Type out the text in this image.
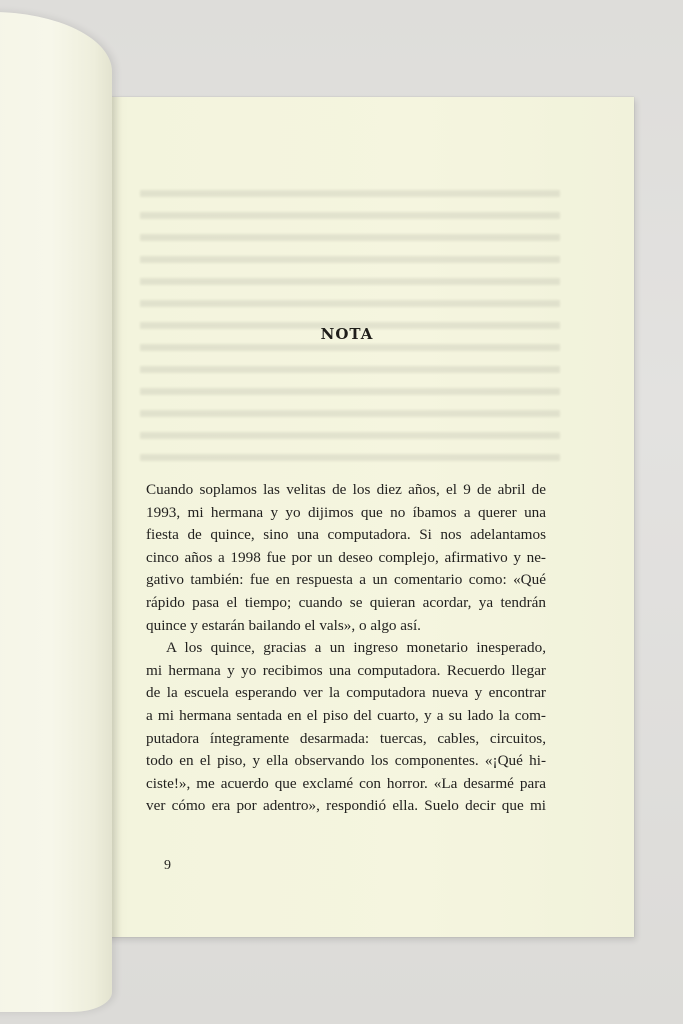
NOTA
Cuando soplamos las velitas de los diez años, el 9 de abril de
1993, mi hermana y yo dijimos que no íbamos a querer una
fiesta de quince, sino una computadora. Si nos adelantamos
cinco años a 1998 fue por un deseo complejo, afirmativo y ne-
gativo también: fue en respuesta a un comentario como: «Qué
rápido pasa el tiempo; cuando se quieran acordar, ya tendrán
quince y estarán bailando el vals», o algo así.
A los quince, gracias a un ingreso monetario inesperado,
mi hermana y yo recibimos una computadora. Recuerdo llegar
de la escuela esperando ver la computadora nueva y encontrar
a mi hermana sentada en el piso del cuarto, y a su lado la com-
putadora íntegramente desarmada: tuercas, cables, circuitos,
todo en el piso, y ella observando los componentes. «¡Qué hi-
ciste!», me acuerdo que exclamé con horror. «La desarmé para
ver cómo era por adentro», respondió ella. Suelo decir que mi
9
